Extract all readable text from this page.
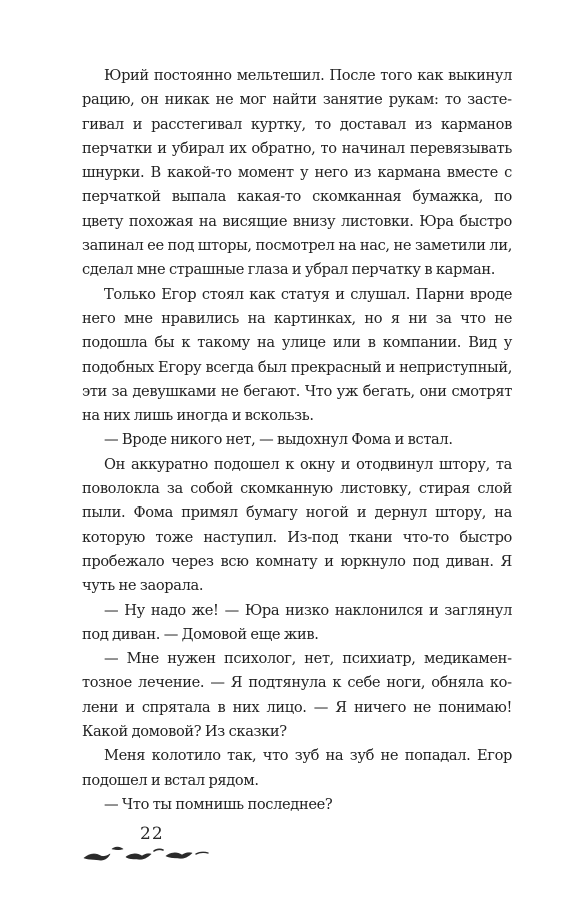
Юрий постоянно мельтешил. После того как выкинул рацию, он никак не мог найти занятие рукам: то застегивал и расстегивал куртку, то доставал из карманов перчатки и убирал их обратно, то начинал перевязывать шнурки. В какой-то момент у него из кармана вместе с перчаткой выпала какая-то скомканная бумажка, по цвету похожая на висящие внизу листовки. Юра быстро запинал ее под шторы, посмотрел на нас, не заметили ли, сделал мне страшные глаза и убрал перчатку в карман.

Только Егор стоял как статуя и слушал. Парни вроде него мне нравились на картинках, но я ни за что не подошла бы к такому на улице или в компании. Вид у подобных Егору всегда был прекрасный и неприступный, эти за девушками не бегают. Что уж бегать, они смотрят на них лишь иногда и вскользь.

— Вроде никого нет, — выдохнул Фома и встал.

Он аккуратно подошел к окну и отодвинул штору, та поволокла за собой скомканную листовку, стирая слой пыли. Фома примял бумагу ногой и дернул штору, на которую тоже наступил. Из-под ткани что-то быстро пробежало через всю комнату и юркнуло под диван. Я чуть не заорала.

— Ну надо же! — Юра низко наклонился и заглянул под диван. — Домовой еще жив.

— Мне нужен психолог, нет, психиатр, медикаментозное лечение. — Я подтянула к себе ноги, обняла колени и спрятала в них лицо. — Я ничего не понимаю! Какой домовой? Из сказки?

Меня колотило так, что зуб на зуб не попадал. Егор подошел и встал рядом.

— Что ты помнишь последнее?

22
